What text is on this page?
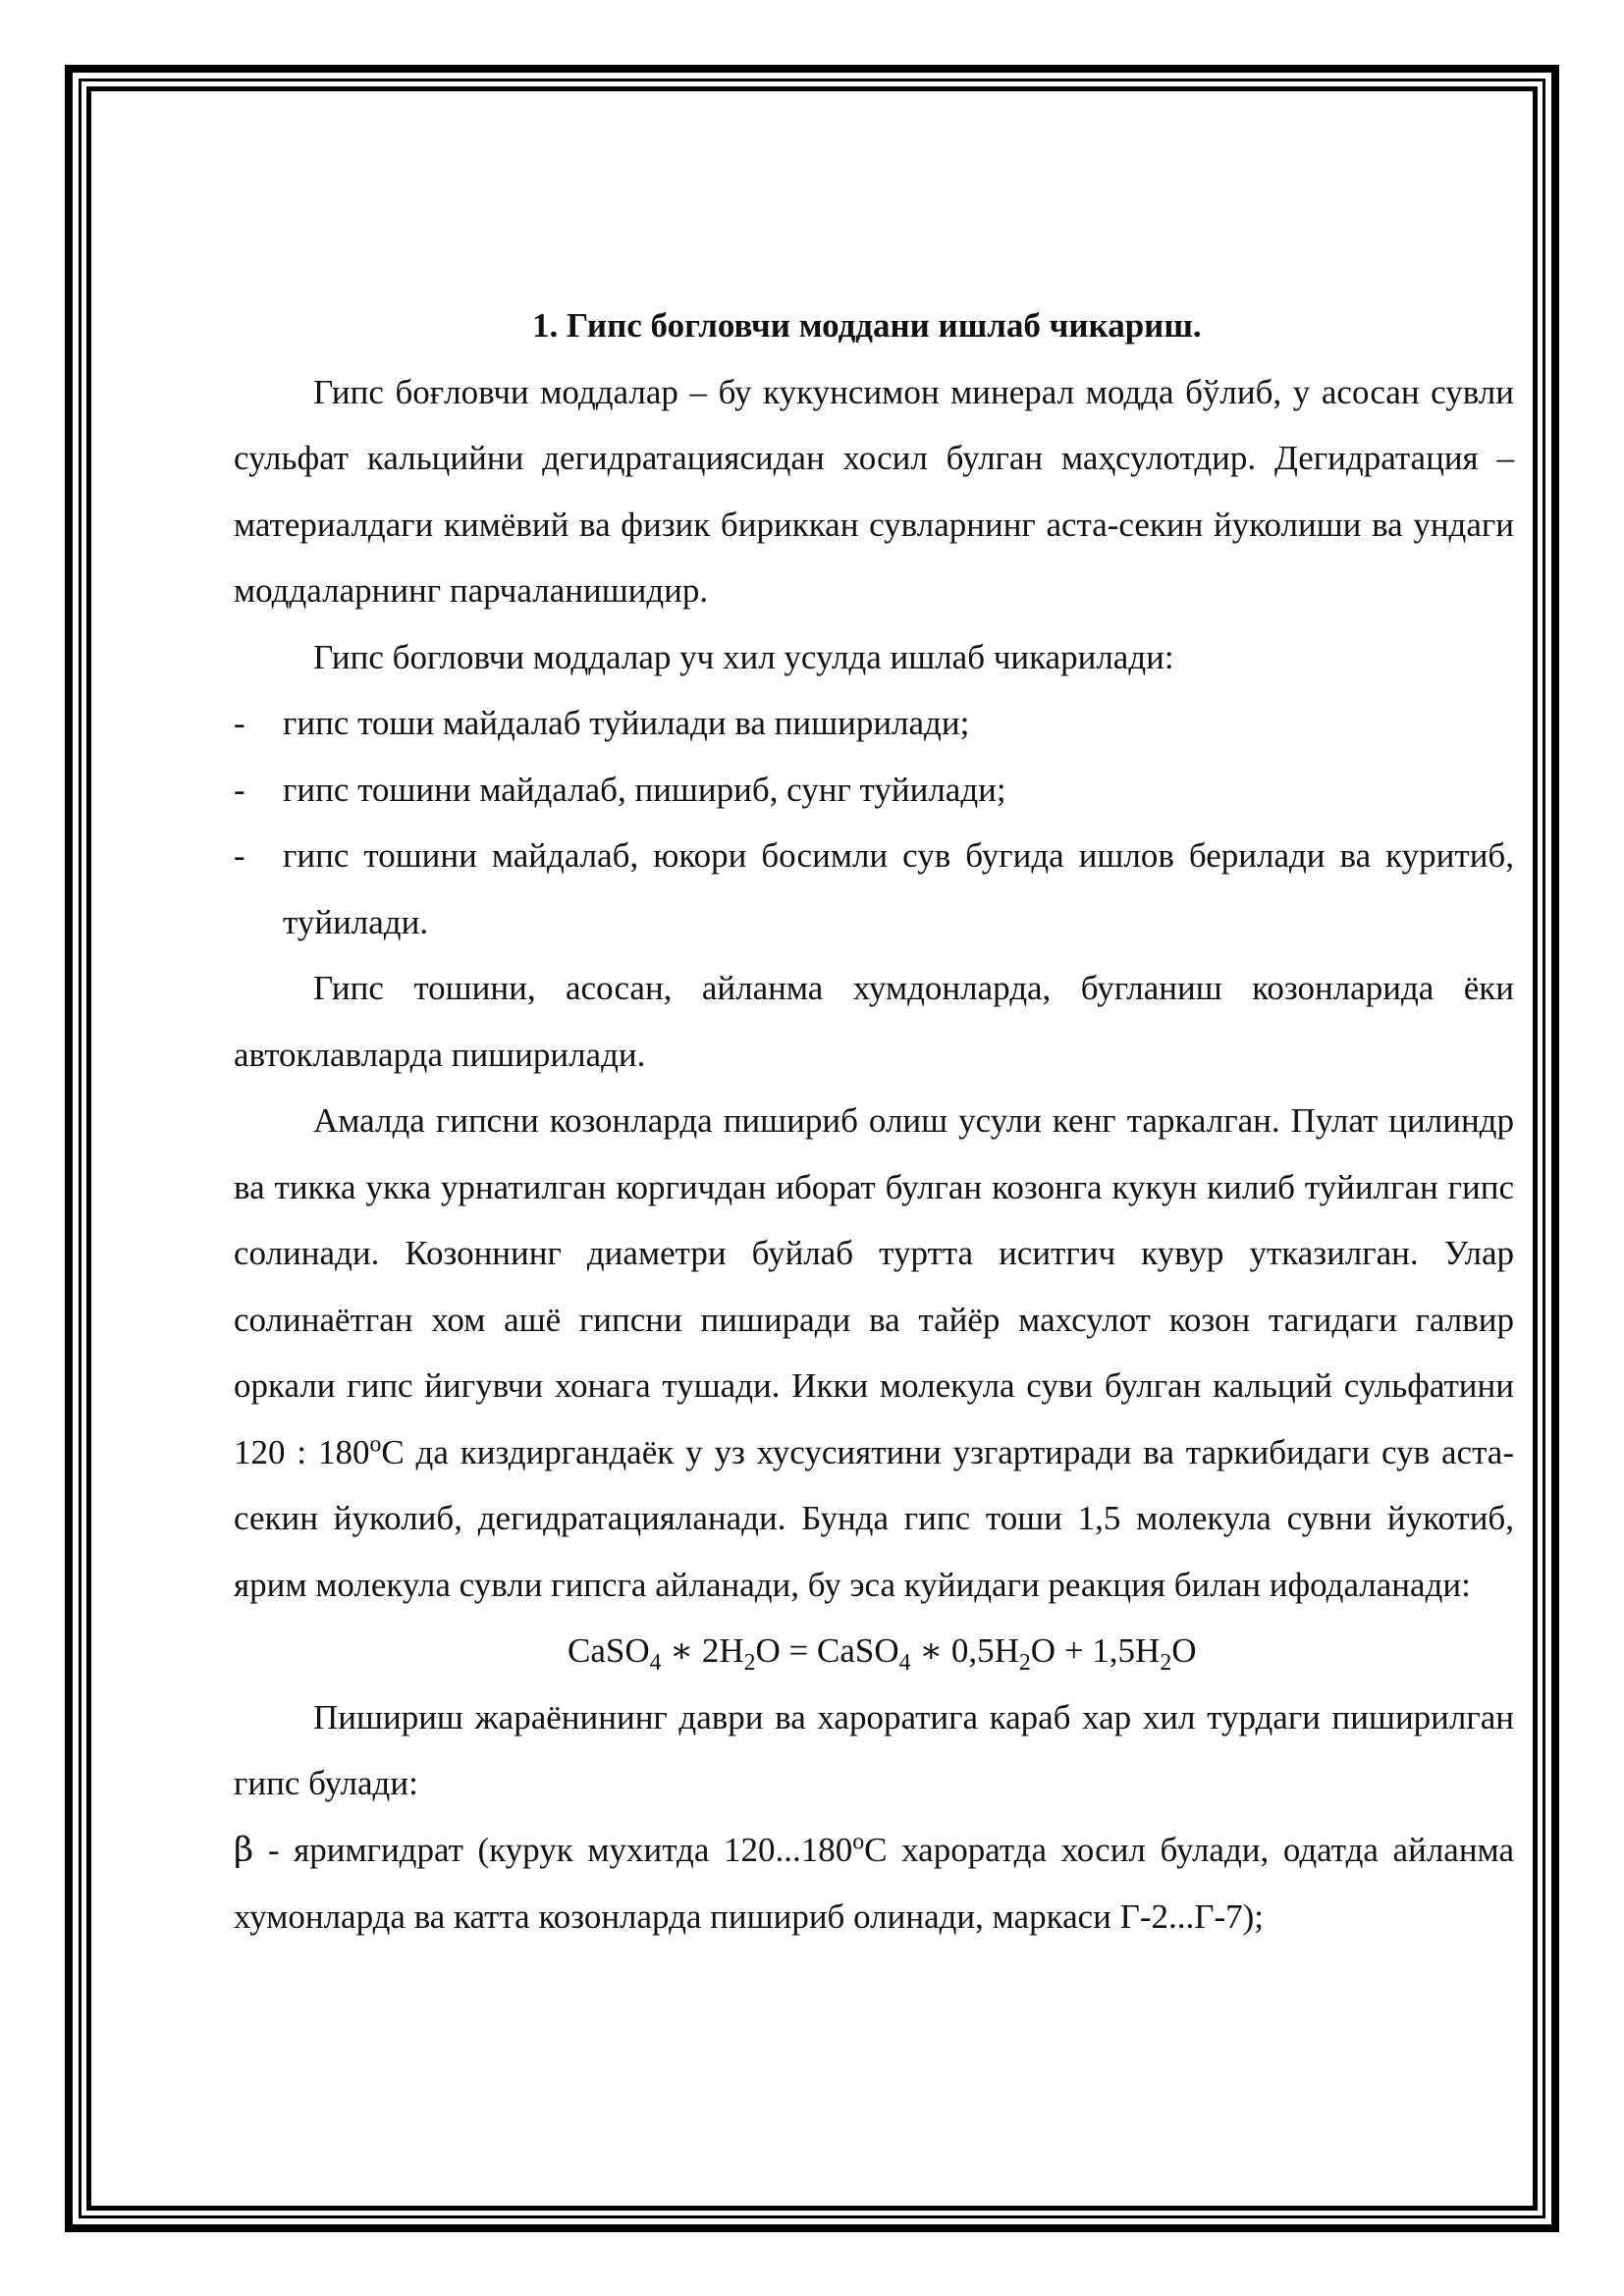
1. Гипс богловчи моддани ишлаб чикариш.

Гипс боғловчи моддалар – бу кукунсимон минерал модда бўлиб, у асосан сувли сульфат кальцийни дегидратациясидан хосил булган маҳсулотдир. Дегидратация – материалдаги кимёвий ва физик бириккан сувларнинг аста-секин йуколиши ва ундаги моддаларнинг парчаланишидир.

Гипс богловчи моддалар уч хил усулда ишлаб чикарилади:

- гипс тоши майдалаб туйилади ва пиширилади;
- гипс тошини майдалаб, пишириб, сунг туйилади;
- гипс тошини майдалаб, юкори босимли сув бугида ишлов берилади ва куритиб, туйилади.

Гипс тошини, асосан, айланма хумдонларда, бугланиш козонларида ёки автоклавларда пиширилади.

Амалда гипсни козонларда пишириб олиш усули кенг таркалган. Пулат цилиндр ва тикка укка урнатилган коргичдан иборат булган козонга кукун килиб туйилган гипс солинади. Козоннинг диаметри буйлаб туртта иситгич кувур утказилган. Улар солинаётган хом ашё гипсни пиширади ва тайёр махсулот козон тагидаги галвир оркали гипс йигувчи хонага тушади. Икки молекула суви булган кальций сульфатини 120 : 180$^o$С да киздиргандаёк у уз хусусиятини узгартиради ва таркибидаги сув аста-секин йуколиб, дегидратацияланади. Бунда гипс тоши 1,5 молекула сувни йукотиб, ярим молекула сувли гипсга айланади, бу эса куйидаги реакция билан ифодаланади:

CaSO$_4$ ∗ $2H_2O$ = CaSO$_4$ ∗ $0,5H_2O + 1,5H_2O$

Пишириш жараёнининг даври ва хароратига караб хар хил турдаги пиширилган гипс булади:

β - яримгидрат (курук мухитда 120...180$^o$С хароратда хосил булади, одатда айланма хумонларда ва катта козонларда пишириб олинади, маркаси Г-2...Г-7);
